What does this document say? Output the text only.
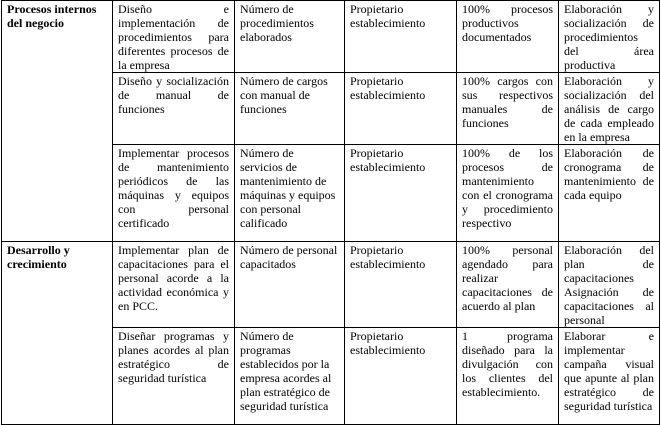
Procesos internos del negocio	Diseño e implementación de procedimientos para diferentes procesos de la empresa	Número de procedimientos elaborados	Propietario establecimiento	100% procesos productivos documentados	Elaboración y socialización de procedimientos del área productiva
	Diseño y socialización de manual de funciones	Número de cargos con manual de funciones	Propietario establecimiento	100% cargos con sus respectivos manuales de funciones	Elaboración y socialización del análisis de cargo de cada empleado en la empresa
	Implementar procesos de mantenimiento periódicos de las máquinas y equipos con personal certificado	Número de servicios de mantenimiento de máquinas y equipos con personal calificado	Propietario establecimiento	100% de los procesos de mantenimiento con el cronograma y procedimiento respectivo	Elaboración de cronograma de mantenimiento de cada equipo
Desarrollo y crecimiento	Implementar plan de capacitaciones para el personal acorde a la actividad económica y en PCC.	Número de personal capacitados	Propietario establecimiento	100% personal agendado para realizar capacitaciones de acuerdo al plan	Elaboración del plan de capacitaciones Asignación de capacitaciones al personal
	Diseñar programas y planes acordes al plan estratégico de seguridad turística	Número de programas establecidos por la empresa acordes al plan estratégico de seguridad turística	Propietario establecimiento	1 programa diseñado para la divulgación con los clientes del establecimiento.	Elaborar e implementar campaña visual que apunte al plan estratégico de seguridad turística
